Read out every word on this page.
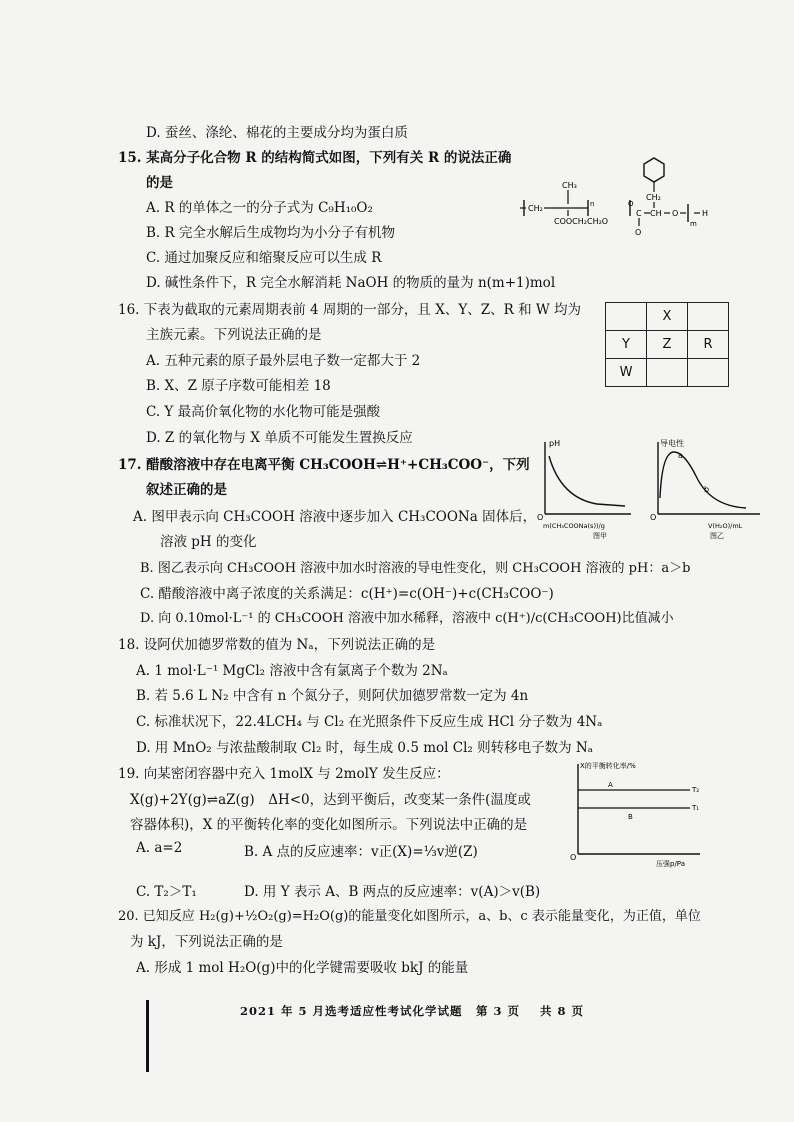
D. 蚕丝、涤纶、棉花的主要成分均为蛋白质
15. 某高分子化合物 R 的结构简式如图，下列有关 R 的说法正确
的是
A. R 的单体之一的分子式为 C₉H₁₀O₂
B. R 完全水解后生成物均为小分子有机物
C. 通过加聚反应和缩聚反应可以生成 R
D. 碱性条件下，R 完全水解消耗 NaOH 的物质的量为 n(m+1)mol
CH₂
CH₂
CH₃
n
COOCH₂CH₂O
C
O
CH O
m
O
H
16. 下表为截取的元素周期表前 4 周期的一部分，且 X、Y、Z、R 和 W 均为
主族元素。下列说法正确的是
A. 五种元素的原子最外层电子数一定都大于 2
B. X、Z 原子序数可能相差 18
C. Y 最高价氧化物的水化物可能是强酸
D. Z 的氧化物与 X 单质不可能发生置换反应
	X	
Y	Z	R
W		
17. 醋酸溶液中存在电离平衡 CH₃COOH⇌H⁺+CH₃COO⁻，下列
叙述正确的是
A. 图甲表示向 CH₃COOH 溶液中逐步加入 CH₃COONa 固体后，
溶液 pH 的变化
B. 图乙表示向 CH₃COOH 溶液中加水时溶液的导电性变化，则 CH₃COOH 溶液的 pH：a＞b
C. 醋酸溶液中离子浓度的关系满足：c(H⁺)=c(OH⁻)+c(CH₃COO⁻)
D. 向 0.10mol·L⁻¹ 的 CH₃COOH 溶液中加水稀释，溶液中 c(H⁺)/c(CH₃COOH)比值减小
pH
O
m(CH₃COONa(s))/g
图甲
导电性
O
a
b
V(H₂O)/mL
图乙
18. 设阿伏加德罗常数的值为 Nₐ，下列说法正确的是
A. 1 mol·L⁻¹ MgCl₂ 溶液中含有氯离子个数为 2Nₐ
B. 若 5.6 L N₂ 中含有 n 个氮分子，则阿伏加德罗常数一定为 4n
C. 标准状况下，22.4LCH₄ 与 Cl₂ 在光照条件下反应生成 HCl 分子数为 4Nₐ
D. 用 MnO₂ 与浓盐酸制取 Cl₂ 时，每生成 0.5 mol Cl₂ 则转移电子数为 Nₐ
19. 向某密闭容器中充入 1molX 与 2molY 发生反应：
X(g)+2Y(g)⇌aZ(g)　ΔH<0，达到平衡后，改变某一条件(温度或
容器体积)，X 的平衡转化率的变化如图所示。下列说法中正确的是
A. a=2	B. A 点的反应速率：v正(X)=⅓v逆(Z)
C. T₂＞T₁	D. 用 Y 表示 A、B 两点的反应速率：v(A)＞v(B)
X的平衡转化率/%
O
T₂
T₁
A
B
压强p/Pa
20. 已知反应 H₂(g)+½O₂(g)=H₂O(g)的能量变化如图所示，a、b、c 表示能量变化，为正值，单位
为 kJ，下列说法正确的是
A. 形成 1 mol H₂O(g)中的化学键需要吸收 bkJ 的能量
2021 年 5 月选考适应性考试化学试题 第 3 页 共 8 页
